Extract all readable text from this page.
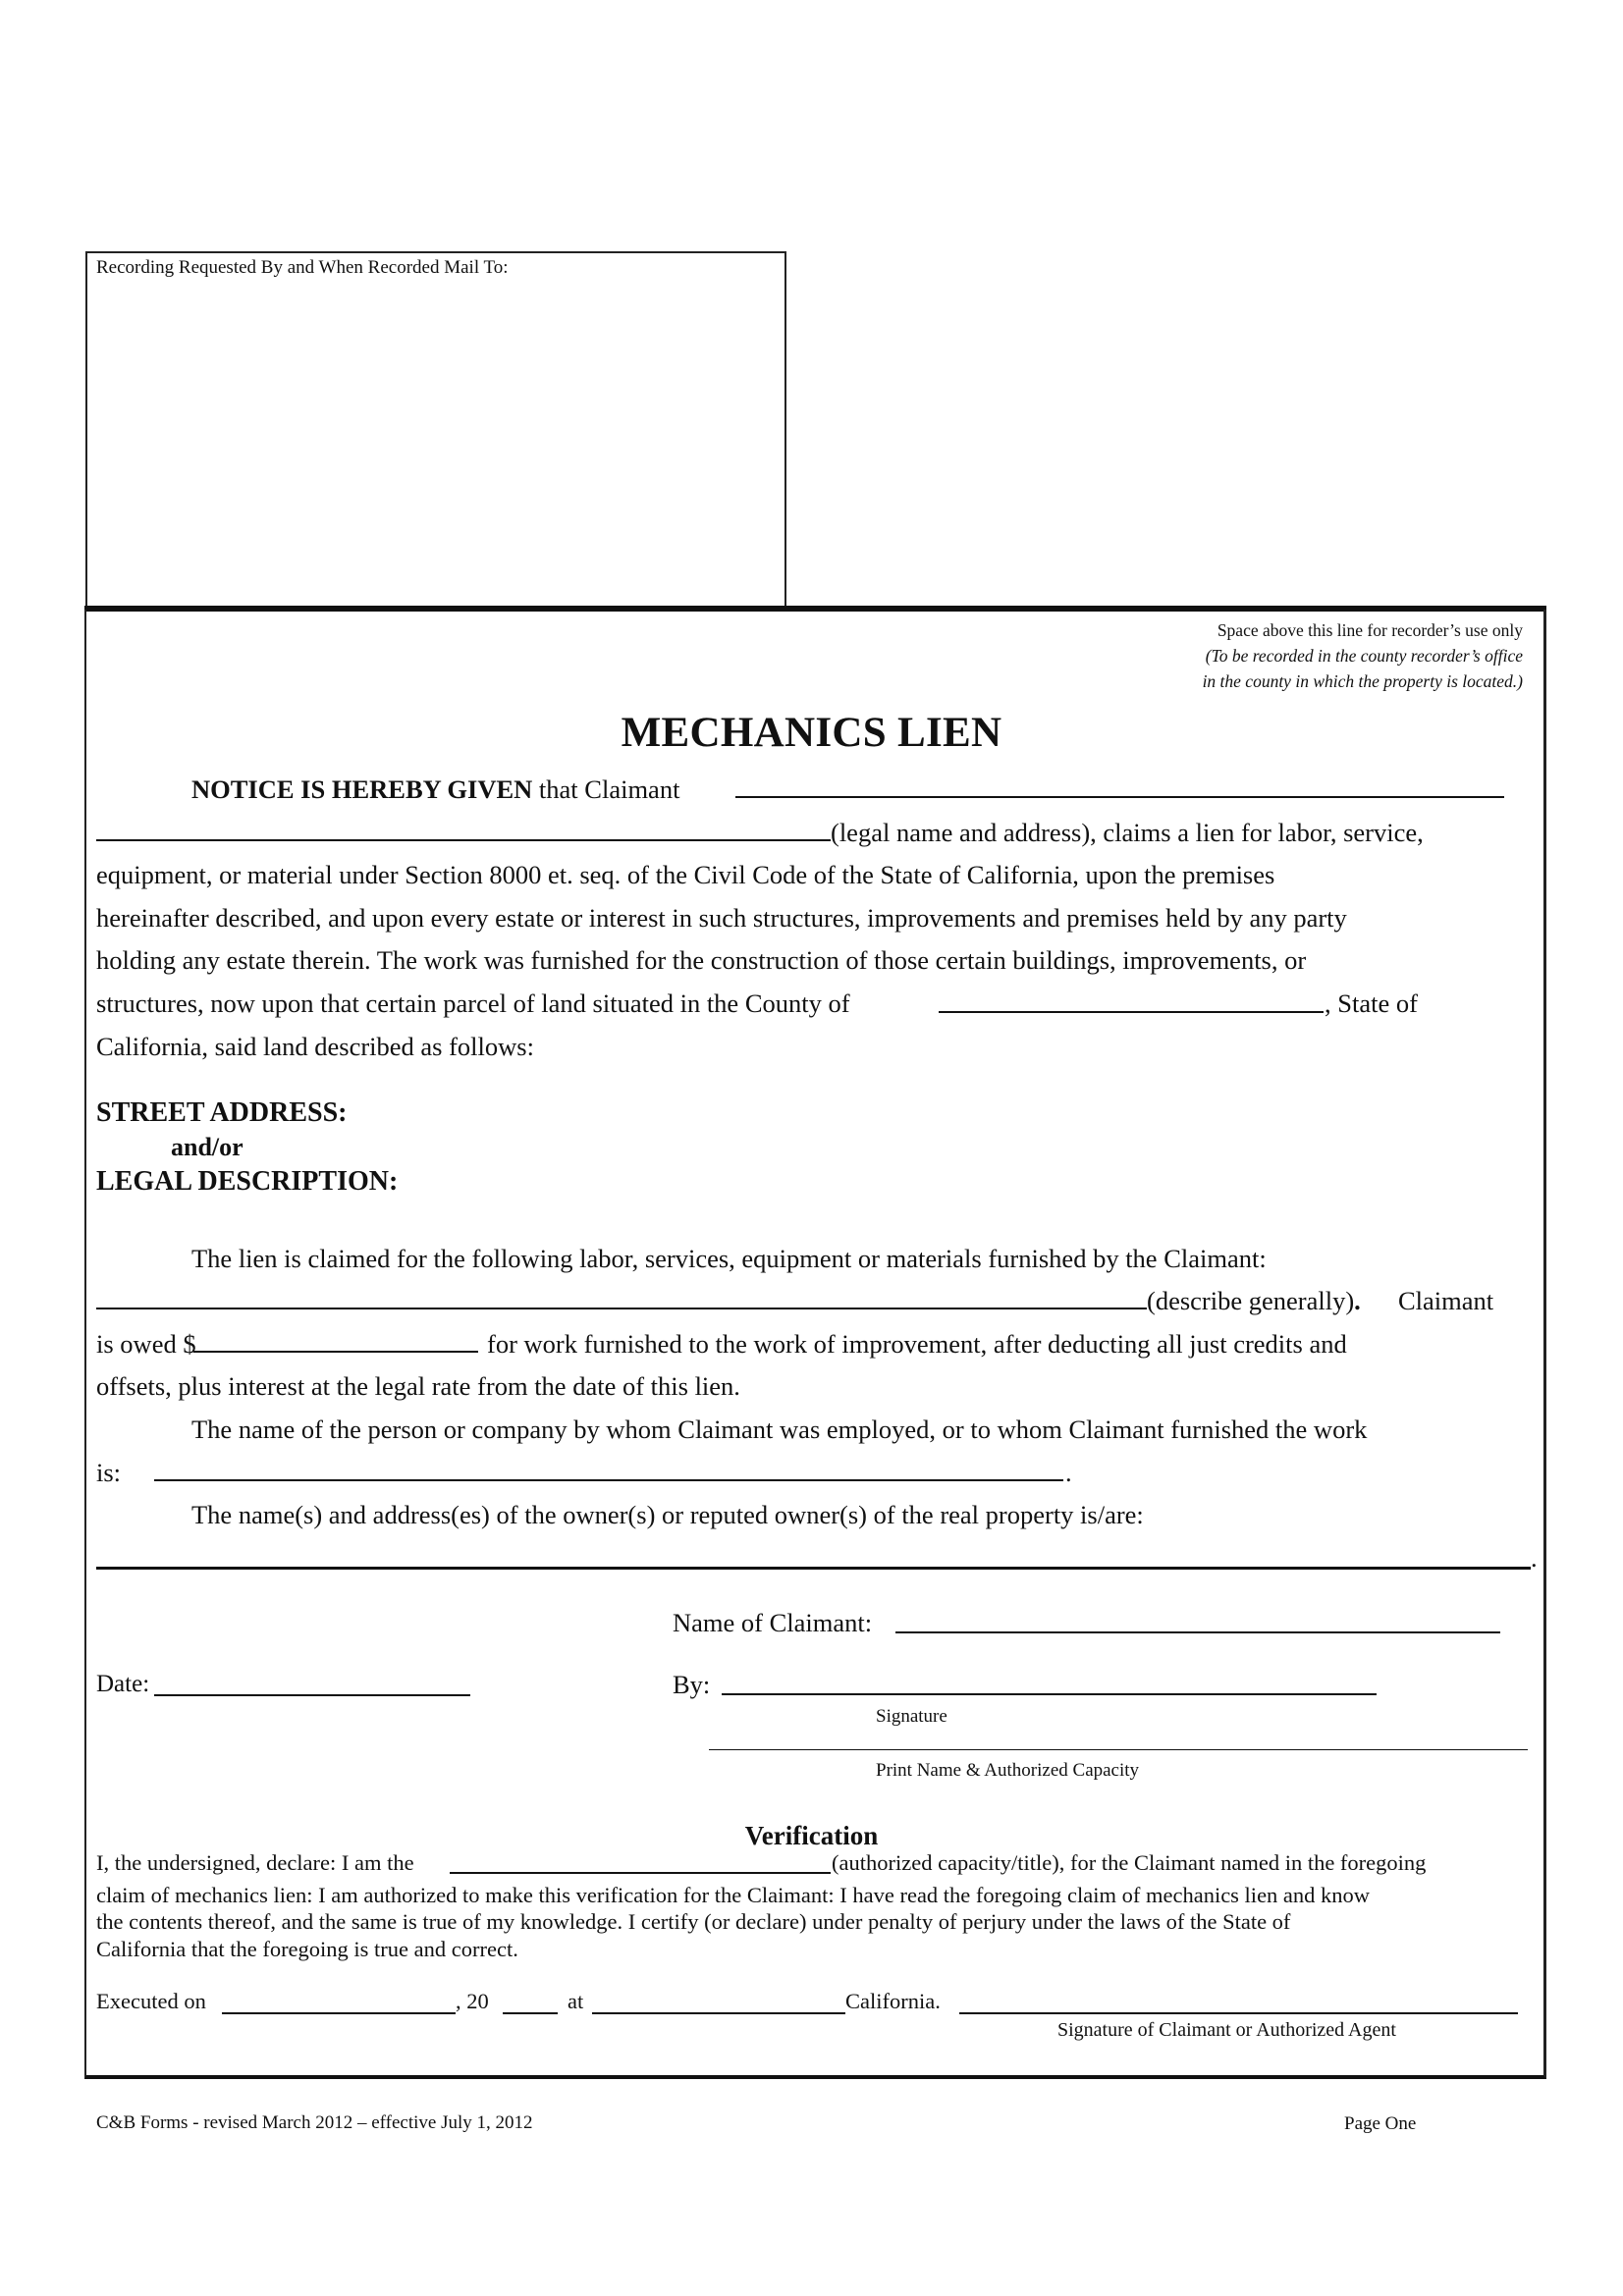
Recording Requested By and When Recorded Mail To:
Space above this line for recorder’s use only
(To be recorded in the county recorder’s office
in the county in which the property is located.)
MECHANICS LIEN
NOTICE IS HEREBY GIVEN that Claimant
(legal name and address), claims a lien for labor, service,
equipment, or material under Section 8000 et. seq. of the Civil Code of the State of California, upon the premises
hereinafter described, and upon every estate or interest in such structures, improvements and premises held by any party
holding any estate therein. The work was furnished for the construction of those certain buildings, improvements, or
structures, now upon that certain parcel of land situated in the County of	, State of
California, said land described as follows:
STREET ADDRESS:
and/or
LEGAL DESCRIPTION:
The lien is claimed for the following labor, services, equipment or materials furnished by the Claimant:
(describe generally). Claimant
is owed $	for work furnished to the work of improvement, after deducting all just credits and
offsets, plus interest at the legal rate from the date of this lien.
The name of the person or company by whom Claimant was employed, or to whom Claimant furnished the work
is:	.
The name(s) and address(es) of the owner(s) or reputed owner(s) of the real property is/are:
.
Name of Claimant:
Date:	By:
Signature
Print Name & Authorized Capacity
Verification
I, the undersigned, declare: I am the	(authorized capacity/title), for the Claimant named in the foregoing
claim of mechanics lien: I am authorized to make this verification for the Claimant: I have read the foregoing claim of mechanics lien and know
the contents thereof, and the same is true of my knowledge. I certify (or declare) under penalty of perjury under the laws of the State of
California that the foregoing is true and correct.
Executed on	, 20	at	California.
Signature of Claimant or Authorized Agent
C&B Forms - revised March 2012 – effective July 1, 2012	Page One
